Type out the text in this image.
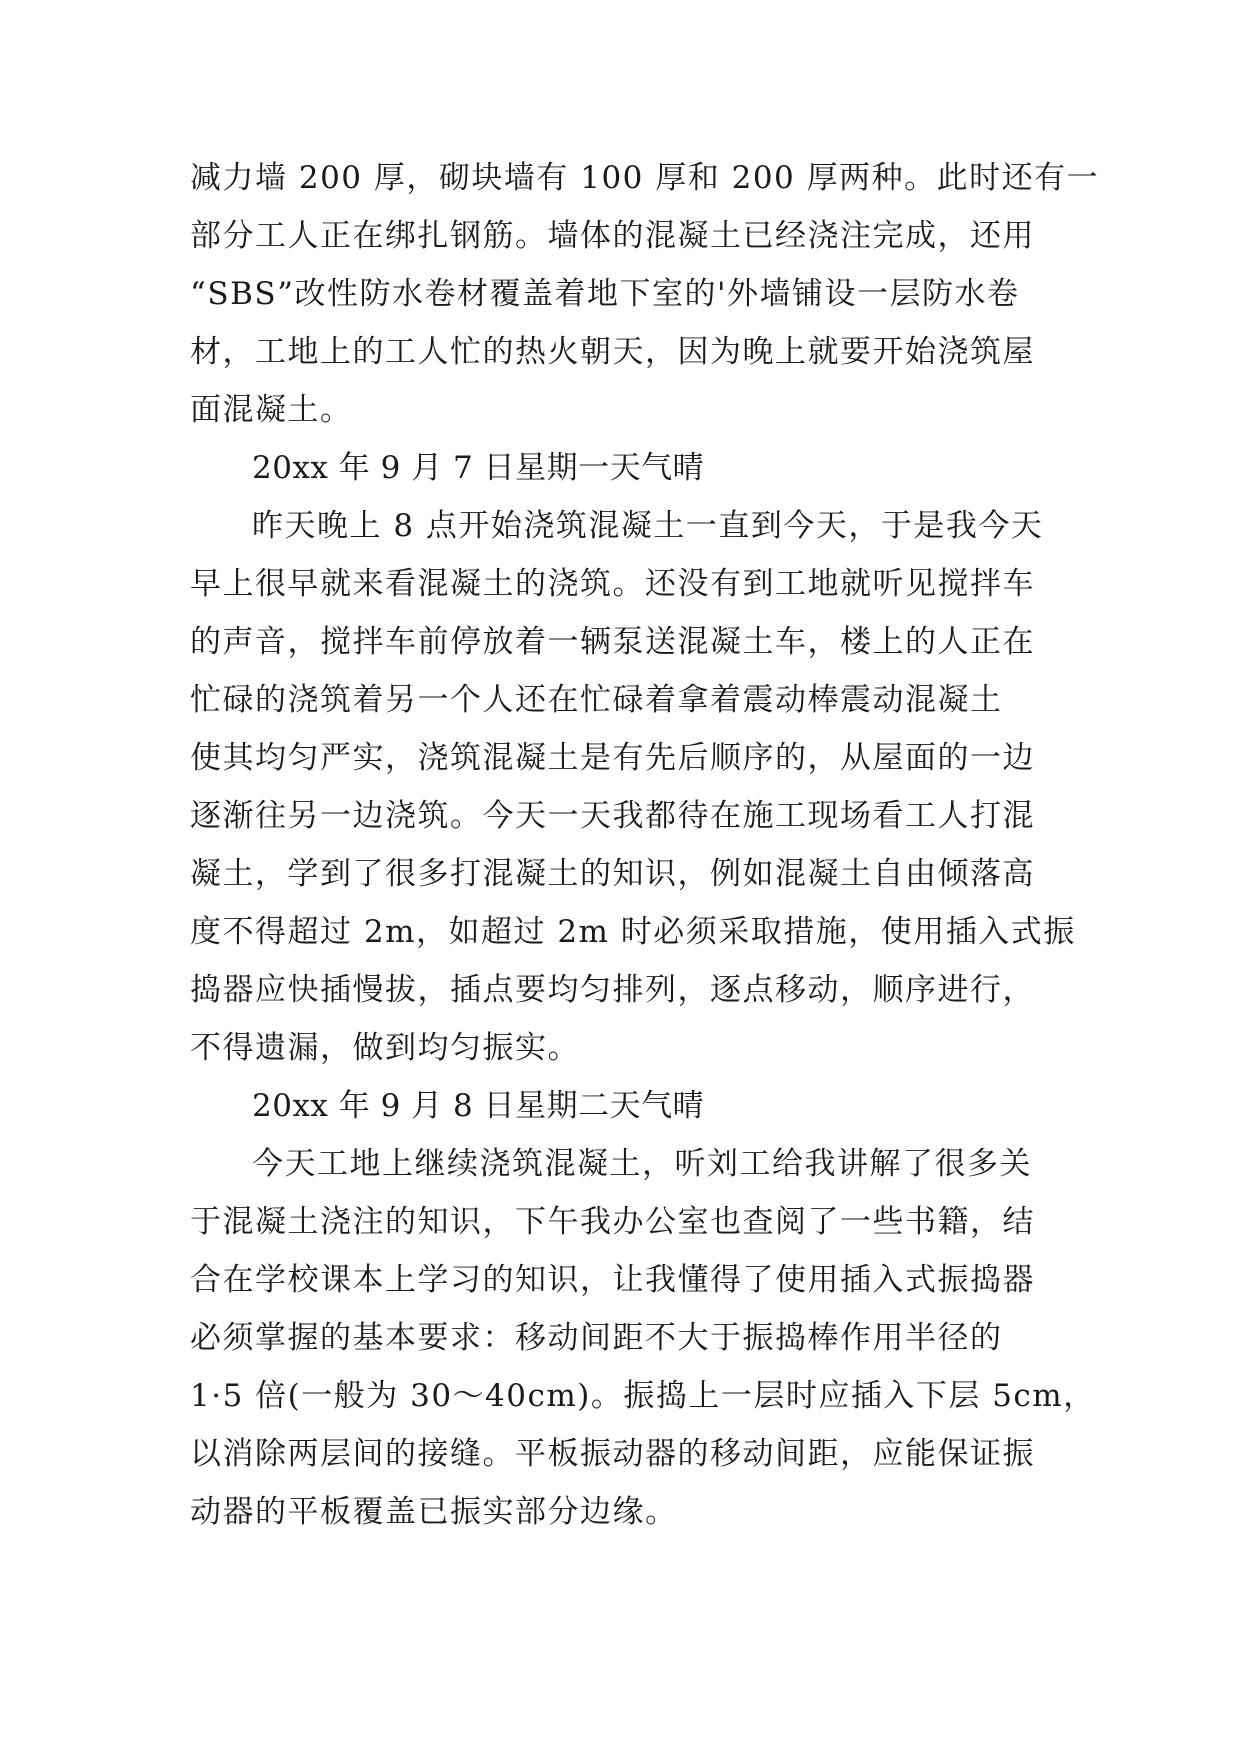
减力墙 200 厚，砌块墙有 100 厚和 200 厚两种。此时还有一
部分工人正在绑扎钢筋。墙体的混凝土已经浇注完成，还用
“SBS”改性防水卷材覆盖着地下室的'外墙铺设一层防水卷
材，工地上的工人忙的热火朝天，因为晚上就要开始浇筑屋
面混凝土。
20xx 年 9 月 7 日星期一天气晴
昨天晚上 8 点开始浇筑混凝土一直到今天，于是我今天
早上很早就来看混凝土的浇筑。还没有到工地就听见搅拌车
的声音，搅拌车前停放着一辆泵送混凝土车，楼上的人正在
忙碌的浇筑着另一个人还在忙碌着拿着震动棒震动混凝土
使其均匀严实，浇筑混凝土是有先后顺序的，从屋面的一边
逐渐往另一边浇筑。今天一天我都待在施工现场看工人打混
凝土，学到了很多打混凝土的知识，例如混凝土自由倾落高
度不得超过 2m，如超过 2m 时必须采取措施，使用插入式振
捣器应快插慢拔，插点要均匀排列，逐点移动，顺序进行，
不得遗漏，做到均匀振实。
20xx 年 9 月 8 日星期二天气晴
今天工地上继续浇筑混凝土，听刘工给我讲解了很多关
于混凝土浇注的知识，下午我办公室也查阅了一些书籍，结
合在学校课本上学习的知识，让我懂得了使用插入式振捣器
必须掌握的基本要求：移动间距不大于振捣棒作用半径的
1·5 倍(一般为 30～40cm)。振捣上一层时应插入下层 5cm，
以消除两层间的接缝。平板振动器的移动间距，应能保证振
动器的平板覆盖已振实部分边缘。
